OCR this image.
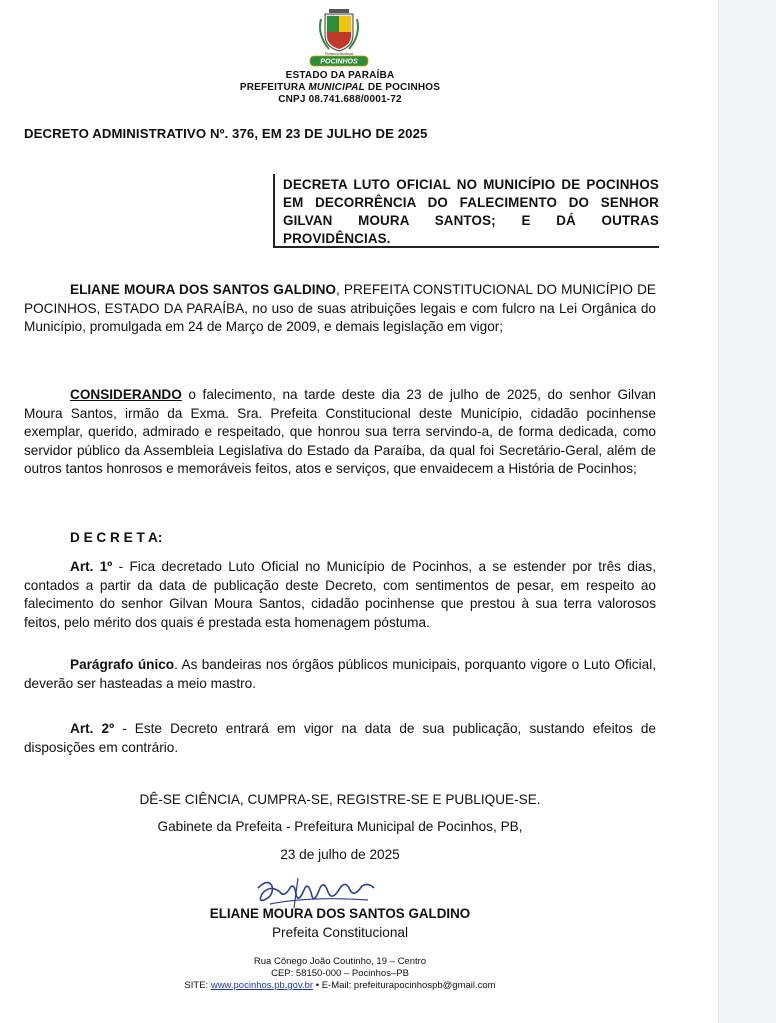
Prefeitura Municipal
POCINHOS
ESTADO DA PARAÍBA
PREFEITURA MUNICIPAL DE POCINHOS
CNPJ 08.741.688/0001-72
DECRETO ADMINISTRATIVO Nº. 376, EM 23 DE JULHO DE 2025
DECRETA LUTO OFICIAL NO MUNICÍPIO DE POCINHOS EM DECORRÊNCIA DO FALECIMENTO DO SENHOR GILVAN MOURA SANTOS; E DÁ OUTRAS PROVIDÊNCIAS.
ELIANE MOURA DOS SANTOS GALDINO, PREFEITA CONSTITUCIONAL DO MUNICÍPIO DE POCINHOS, ESTADO DA PARAÍBA, no uso de suas atribuições legais e com fulcro na Lei Orgânica do Município, promulgada em 24 de Março de 2009, e demais legislação em vigor;
CONSIDERANDO o falecimento, na tarde deste dia 23 de julho de 2025, do senhor Gilvan Moura Santos, irmão da Exma. Sra. Prefeita Constitucional deste Município, cidadão pocinhense exemplar, querido, admirado e respeitado, que honrou sua terra servindo-a, de forma dedicada, como servidor público da Assembleia Legislativa do Estado da Paraíba, da qual foi Secretário-Geral, além de outros tantos honrosos e memoráveis feitos, atos e serviços, que envaidecem a História de Pocinhos;
D E C R E T A:
Art. 1º - Fica decretado Luto Oficial no Município de Pocinhos, a se estender por três dias, contados a partir da data de publicação deste Decreto, com sentimentos de pesar, em respeito ao falecimento do senhor Gilvan Moura Santos, cidadão pocinhense que prestou à sua terra valorosos feitos, pelo mérito dos quais é prestada esta homenagem póstuma.
Parágrafo único. As bandeiras nos órgãos públicos municipais, porquanto vigore o Luto Oficial, deverão ser hasteadas a meio mastro.
Art. 2º - Este Decreto entrará em vigor na data de sua publicação, sustando efeitos de disposições em contrário.
DÊ-SE CIÊNCIA, CUMPRA-SE, REGISTRE-SE E PUBLIQUE-SE.
Gabinete da Prefeita - Prefeitura Municipal de Pocinhos, PB,
23 de julho de 2025
ELIANE MOURA DOS SANTOS GALDINO
Prefeita Constitucional
Rua Cônego João Coutinho, 19 – Centro
CEP: 58150-000 – Pocinhos–PB
SITE: www.pocinhos.pb.gov.br • E-Mail: prefeiturapocinhospb@gmail.com
